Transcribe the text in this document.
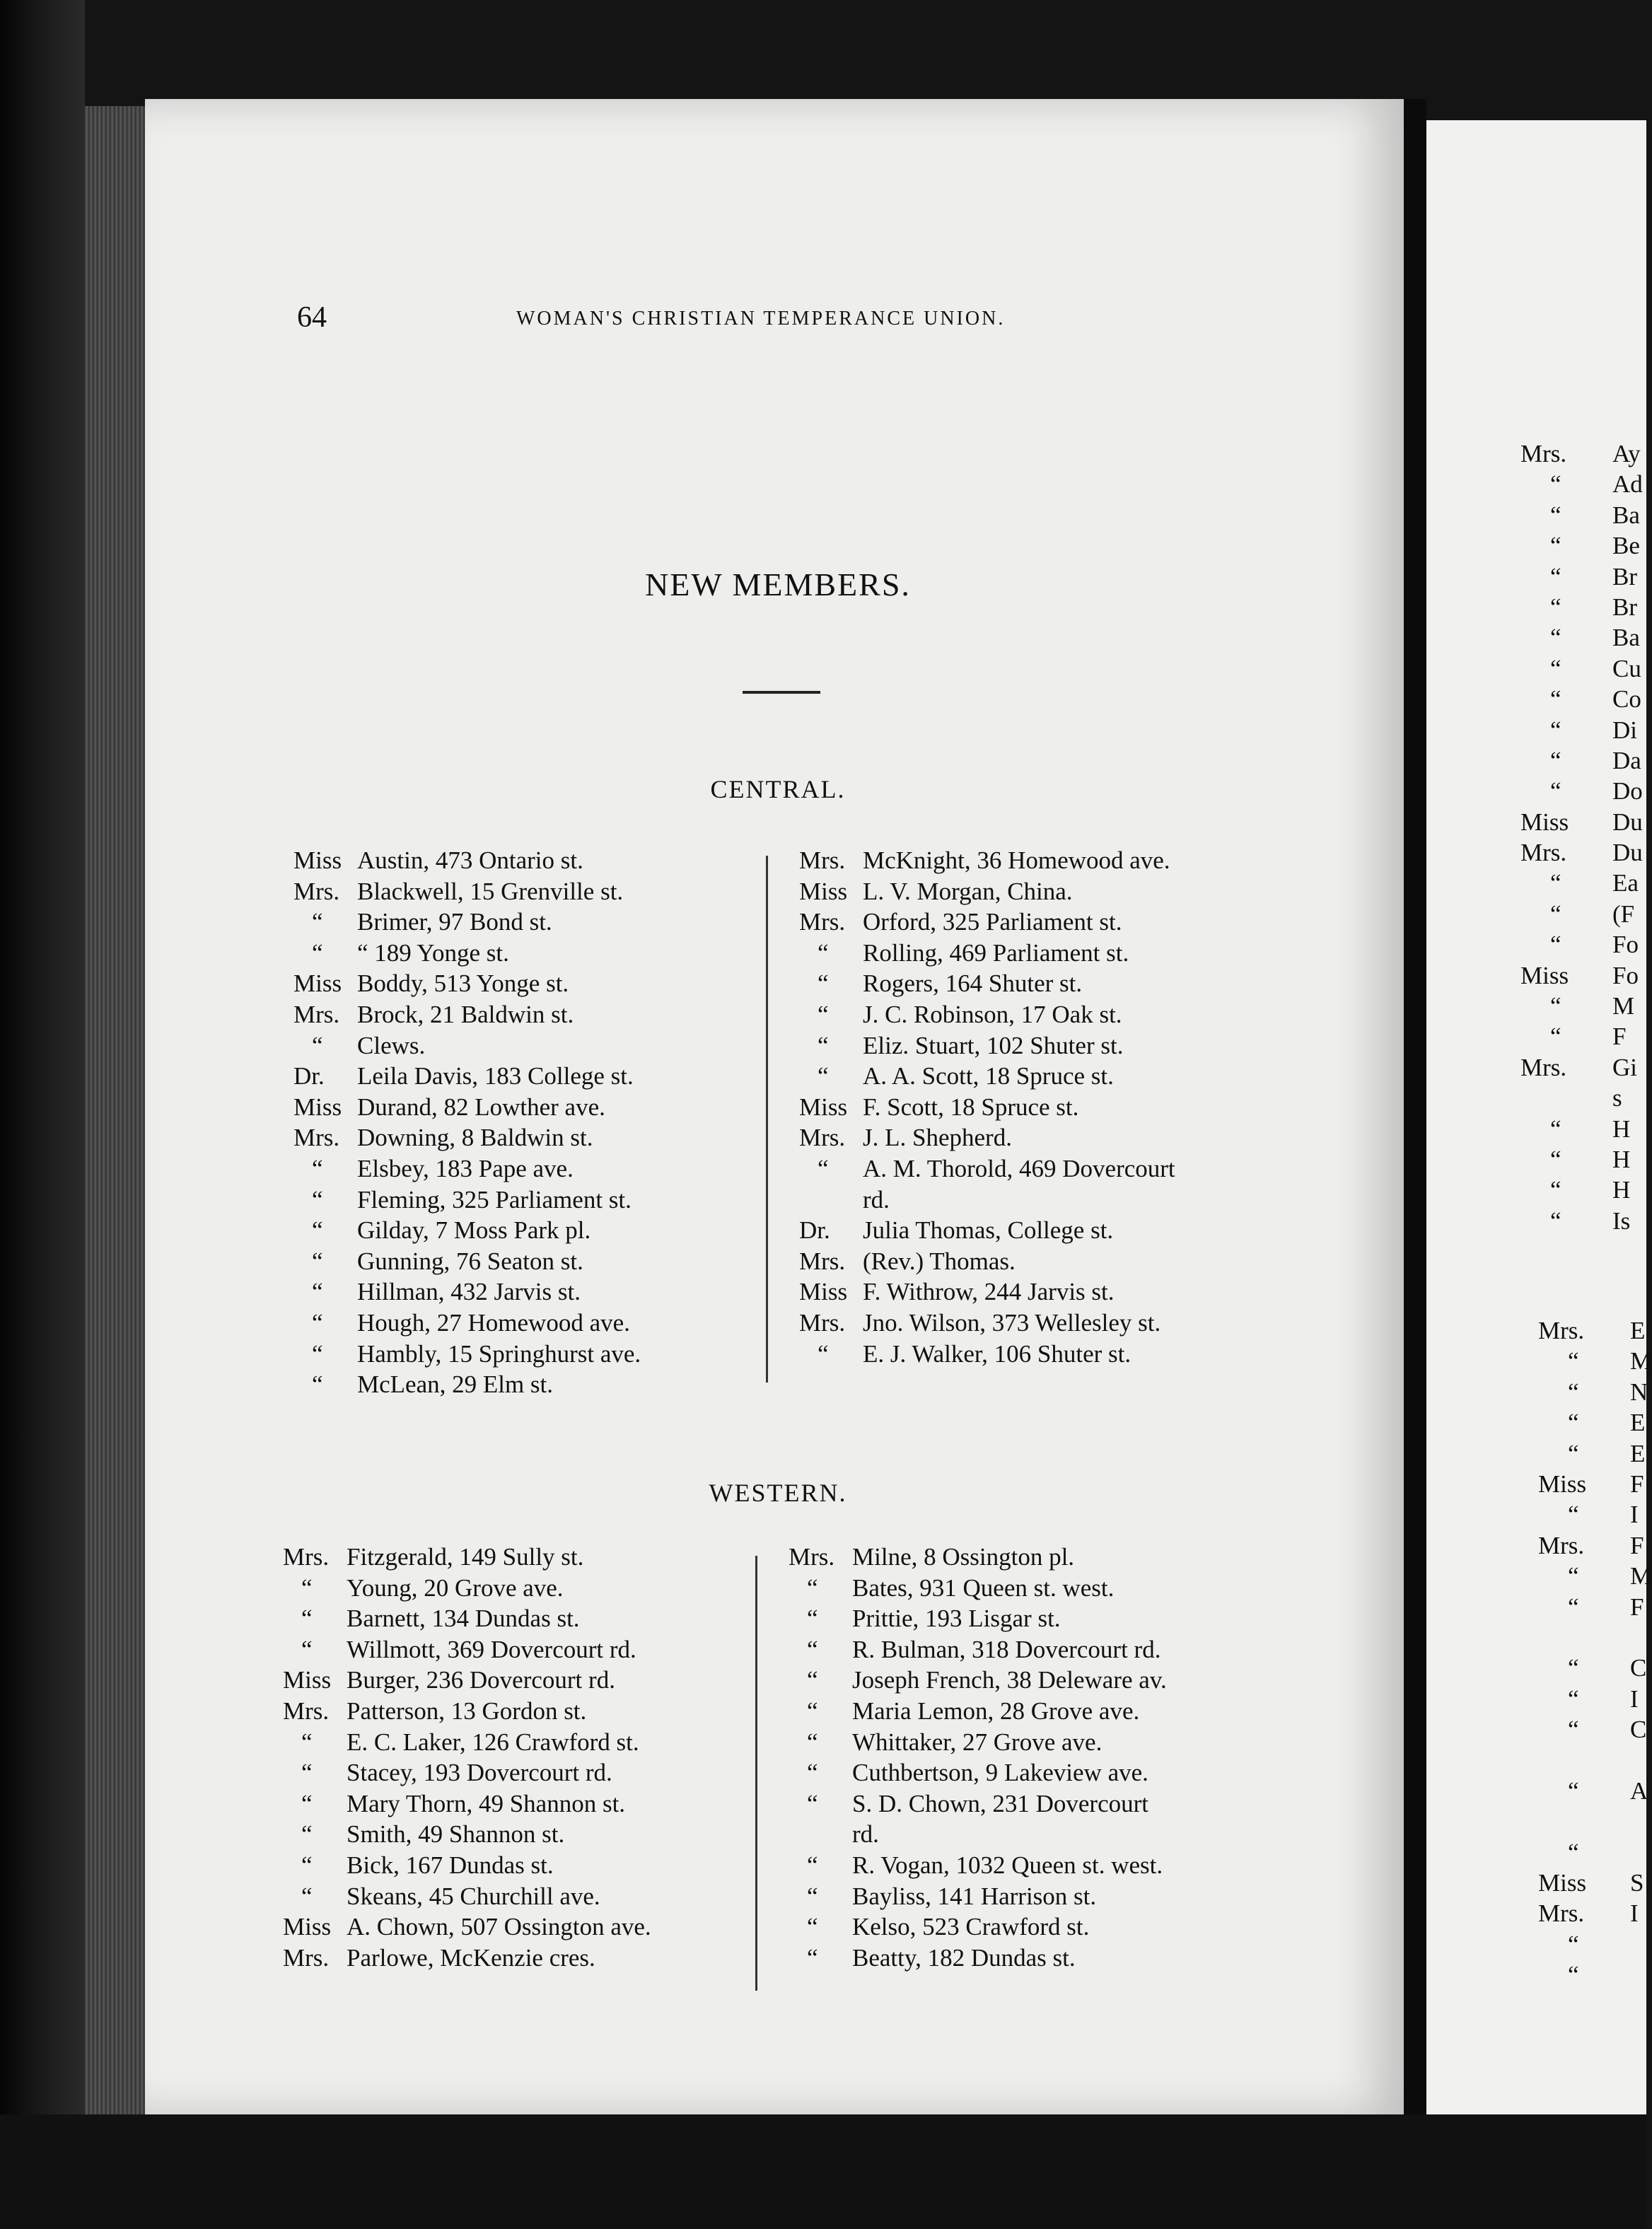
64	WOMAN'S CHRISTIAN TEMPERANCE UNION.
NEW MEMBERS.
CENTRAL.
Miss Austin, 473 Ontario st.
Mrs. Blackwell, 15 Grenville st.
“ Brimer, 97 Bond st.
“ “ 189 Yonge st.
Miss Boddy, 513 Yonge st.
Mrs. Brock, 21 Baldwin st.
“ Clews.
Dr. Leila Davis, 183 College st.
Miss Durand, 82 Lowther ave.
Mrs. Downing, 8 Baldwin st.
“ Elsbey, 183 Pape ave.
“ Fleming, 325 Parliament st.
“ Gilday, 7 Moss Park pl.
“ Gunning, 76 Seaton st.
“ Hillman, 432 Jarvis st.
“ Hough, 27 Homewood ave.
“ Hambly, 15 Springhurst ave.
“ McLean, 29 Elm st.
Mrs. McKnight, 36 Homewood ave.
Miss L. V. Morgan, China.
Mrs. Orford, 325 Parliament st.
“ Rolling, 469 Parliament st.
“ Rogers, 164 Shuter st.
“ J. C. Robinson, 17 Oak st.
“ Eliz. Stuart, 102 Shuter st.
“ A. A. Scott, 18 Spruce st.
Miss F. Scott, 18 Spruce st.
Mrs. J. L. Shepherd.
“ A. M. Thorold, 469 Dovercourt
rd.
Dr. Julia Thomas, College st.
Mrs. (Rev.) Thomas.
Miss F. Withrow, 244 Jarvis st.
Mrs. Jno. Wilson, 373 Wellesley st.
“ E. J. Walker, 106 Shuter st.
WESTERN.
Mrs. Fitzgerald, 149 Sully st.
“ Young, 20 Grove ave.
“ Barnett, 134 Dundas st.
“ Willmott, 369 Dovercourt rd.
Miss Burger, 236 Dovercourt rd.
Mrs. Patterson, 13 Gordon st.
“ E. C. Laker, 126 Crawford st.
“ Stacey, 193 Dovercourt rd.
“ Mary Thorn, 49 Shannon st.
“ Smith, 49 Shannon st.
“ Bick, 167 Dundas st.
“ Skeans, 45 Churchill ave.
Miss A. Chown, 507 Ossington ave.
Mrs. Parlowe, McKenzie cres.
Mrs. Milne, 8 Ossington pl.
“ Bates, 931 Queen st. west.
“ Prittie, 193 Lisgar st.
“ R. Bulman, 318 Dovercourt rd.
“ Joseph French, 38 Deleware av.
“ Maria Lemon, 28 Grove ave.
“ Whittaker, 27 Grove ave.
“ Cuthbertson, 9 Lakeview ave.
“ S. D. Chown, 231 Dovercourt
rd.
“ R. Vogan, 1032 Queen st. west.
“ Bayliss, 141 Harrison st.
“ Kelso, 523 Crawford st.
“ Beatty, 182 Dundas st.
Mrs. Ay
“ Ad
“ Ba
“ Be
“ Br
“ Br
“ Ba
“ Cu
“ Co
“ Di
“ Da
“ Do
Miss Du
Mrs. Du
“ Ea
“ (F
“ Fo
Miss Fo
“ M
“ F
Mrs. Gi
s
“ H
“ H
“ H
“ Is
Mrs. E
“ M
“ N
“ E
“ E
Miss F
“ I
Mrs. F
“ M
“ F
“ C
“ I
“ C
“ A
“
Miss S
Mrs. I
“
“
